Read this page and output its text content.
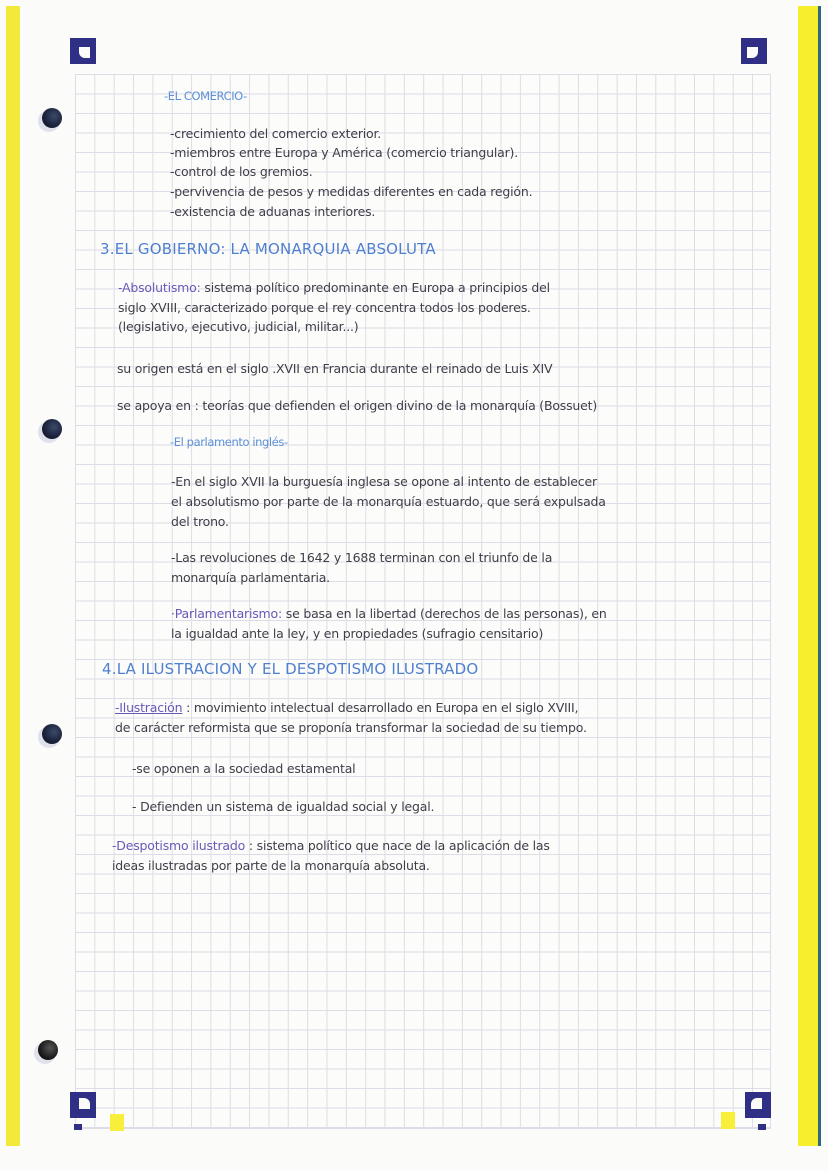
-EL COMERCIO-
-crecimiento del comercio exterior.
-miembros entre Europa y América (comercio triangular).
-control de los gremios.
-pervivencia de pesos y medidas diferentes en cada región.
-existencia de aduanas interiores.
3.EL GOBIERNO: LA MONARQUIA ABSOLUTA
-Absolutismo: sistema político predominante en Europa a principios del
siglo XVIII, caracterizado porque el rey concentra todos los poderes.
(legislativo, ejecutivo, judicial, militar...)
su origen está en el siglo .XVII en Francia durante el reinado de Luis XIV
se apoya en : teorías que defienden el origen divino de la monarquía (Bossuet)
-El parlamento inglés-
-En el siglo XVII la burguesía inglesa se opone al intento de establecer
el absolutismo por parte de la monarquía estuardo, que será expulsada
del trono.
-Las revoluciones de 1642 y 1688 terminan con el triunfo de la
monarquía parlamentaria.
·Parlamentarismo: se basa en la libertad (derechos de las personas), en
la igualdad ante la ley, y en propiedades (sufragio censitario)
4.LA ILUSTRACION Y EL DESPOTISMO ILUSTRADO
-Ilustración : movimiento intelectual desarrollado en Europa en el siglo XVIII,
de carácter reformista que se proponía transformar la sociedad de su tiempo.
-se oponen a la sociedad estamental
- Defienden un sistema de igualdad social y legal.
-Despotismo ilustrado : sistema político que nace de la aplicación de las
ideas ilustradas por parte de la monarquía absoluta.
